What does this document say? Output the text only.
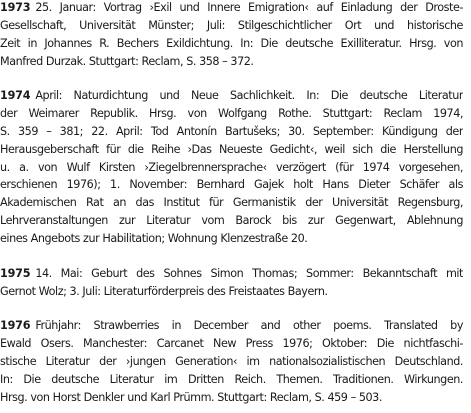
1973 25. Januar: Vortrag ›Exil und Innere Emigration‹ auf Einladung der Droste-
Gesellschaft, Universität Münster; Juli: Stilgeschichtlicher Ort und historische
Zeit in Johannes R. Bechers Exildichtung. In: Die deutsche Exilliteratur. Hrsg. von
Manfred Durzak. Stuttgart: Reclam, S. 358 – 372.
1974 April: Naturdichtung und Neue Sachlichkeit. In: Die deutsche Literatur
der Weimarer Republik. Hrsg. von Wolfgang Rothe. Stuttgart: Reclam 1974,
S. 359 – 381; 22. April: Tod Antonín Bartušeks; 30. September: Kündigung der
Herausgeberschaft für die Reihe ›Das Neueste Gedicht‹, weil sich die Herstellung
u. a. von Wulf Kirsten ›Ziegelbrennersprache‹ verzögert (für 1974 vorgesehen,
erschienen 1976); 1. November: Bernhard Gajek holt Hans Dieter Schäfer als
Akademischen Rat an das Institut für Germanistik der Universität Regensburg,
Lehrveranstaltungen zur Literatur vom Barock bis zur Gegenwart, Ablehnung
eines Angebots zur Habilitation; Wohnung Klenzestraße 20.
1975 14. Mai: Geburt des Sohnes Simon Thomas; Sommer: Bekanntschaft mit
Gernot Wolz; 3. Juli: Literaturförderpreis des Freistaates Bayern.
1976 Frühjahr: Strawberries in December and other poems. Translated by
Ewald Osers. Manchester: Carcanet New Press 1976; Oktober: Die nichtfaschi-
stische Literatur der ›jungen Generation‹ im nationalsozialistischen Deutschland.
In: Die deutsche Literatur im Dritten Reich. Themen. Traditionen. Wirkungen.
Hrsg. von Horst Denkler und Karl Prümm. Stuttgart: Reclam, S. 459 – 503.
